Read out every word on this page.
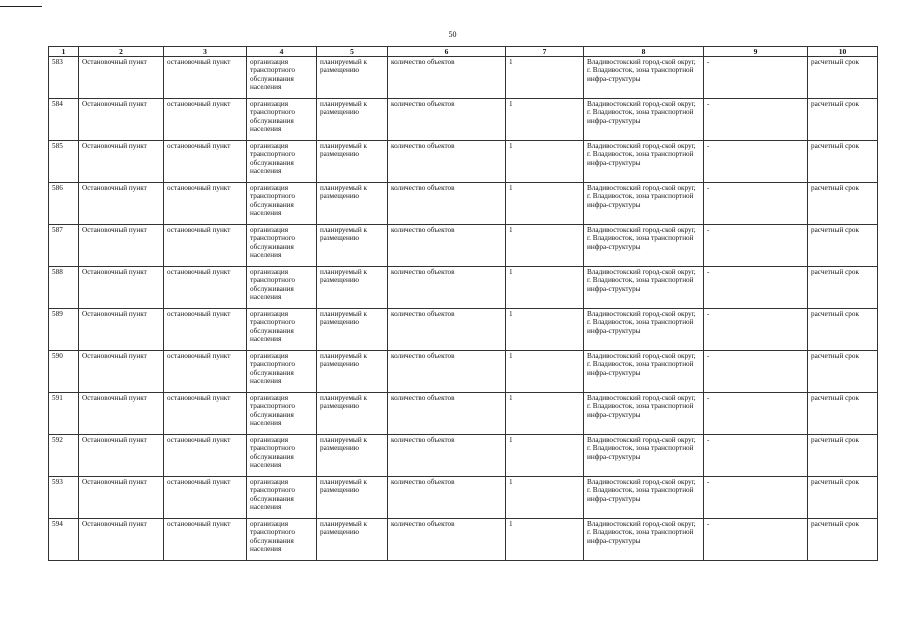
50
1	2	3	4	5	6	7	8	9	10
583	Остановочный пункт	остановочный пункт	организация транспортного обслуживания населения	планируемый к размещению	количество объектов	1	Владивостокский город-ской округ, г. Владивосток, зона транспортной инфра-структуры	-	расчетный срок
584	Остановочный пункт	остановочный пункт	организация транспортного обслуживания населения	планируемый к размещению	количество объектов	1	Владивостокский город-ской округ, г. Владивосток, зона транспортной инфра-структуры	-	расчетный срок
585	Остановочный пункт	остановочный пункт	организация транспортного обслуживания населения	планируемый к размещению	количество объектов	1	Владивостокский город-ской округ, г. Владивосток, зона транспортной инфра-структуры	-	расчетный срок
586	Остановочный пункт	остановочный пункт	организация транспортного обслуживания населения	планируемый к размещению	количество объектов	1	Владивостокский город-ской округ, г. Владивосток, зона транспортной инфра-структуры	-	расчетный срок
587	Остановочный пункт	остановочный пункт	организация транспортного обслуживания населения	планируемый к размещению	количество объектов	1	Владивостокский город-ской округ, г. Владивосток, зона транспортной инфра-структуры	-	расчетный срок
588	Остановочный пункт	остановочный пункт	организация транспортного обслуживания населения	планируемый к размещению	количество объектов	1	Владивостокский город-ской округ, г. Владивосток, зона транспортной инфра-структуры	-	расчетный срок
589	Остановочный пункт	остановочный пункт	организация транспортного обслуживания населения	планируемый к размещению	количество объектов	1	Владивостокский город-ской округ, г. Владивосток, зона транспортной инфра-структуры	-	расчетный срок
590	Остановочный пункт	остановочный пункт	организация транспортного обслуживания населения	планируемый к размещению	количество объектов	1	Владивостокский город-ской округ, г. Владивосток, зона транспортной инфра-структуры	-	расчетный срок
591	Остановочный пункт	остановочный пункт	организация транспортного обслуживания населения	планируемый к размещению	количество объектов	1	Владивостокский город-ской округ, г. Владивосток, зона транспортной инфра-структуры	-	расчетный срок
592	Остановочный пункт	остановочный пункт	организация транспортного обслуживания населения	планируемый к размещению	количество объектов	1	Владивостокский город-ской округ, г. Владивосток, зона транспортной инфра-структуры	-	расчетный срок
593	Остановочный пункт	остановочный пункт	организация транспортного обслуживания населения	планируемый к размещению	количество объектов	1	Владивостокский город-ской округ, г. Владивосток, зона транспортной инфра-структуры	-	расчетный срок
594	Остановочный пункт	остановочный пункт	организация транспортного обслуживания населения	планируемый к размещению	количество объектов	1	Владивостокский город-ской округ, г. Владивосток, зона транспортной инфра-структуры	-	расчетный срок
